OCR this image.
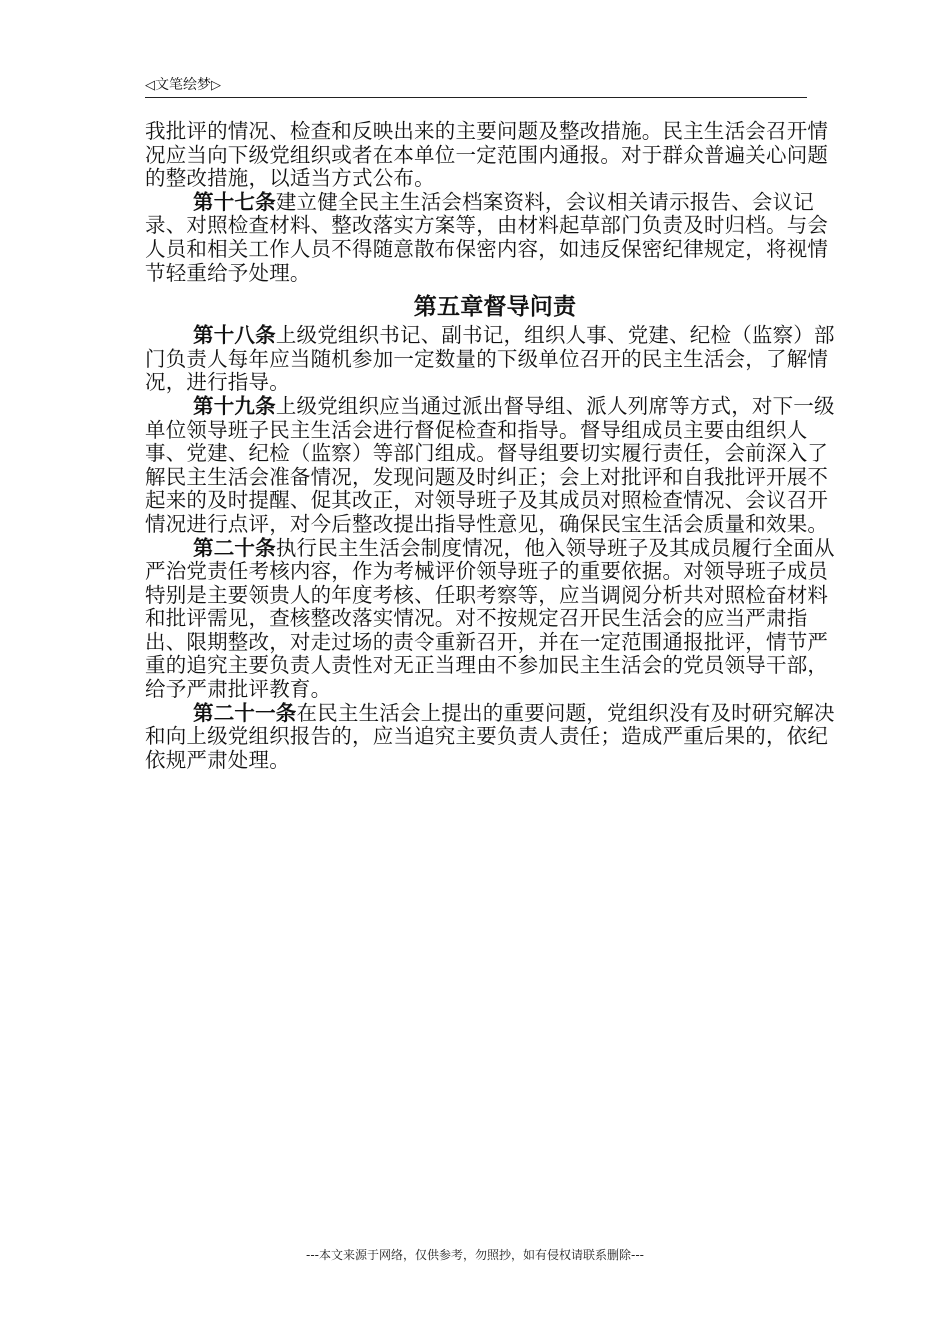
◁文笔绘梦▷

我批评的情况、检查和反映出来的主要问题及整改措施。民主生活会召开情况应当向下级党组织或者在本单位一定范围内通报。对于群众普遍关心问题的整改措施，以适当方式公布。

第十七条建立健全民主生活会档案资料，会议相关请示报告、会议记录、对照检查材料、整改落实方案等，由材料起草部门负责及时归档。与会人员和相关工作人员不得随意散布保密内容，如违反保密纪律规定，将视情节轻重给予处理。

第五章督导问责

第十八条上级党组织书记、副书记，组织人事、党建、纪检（监察）部门负责人每年应当随机参加一定数量的下级单位召开的民主生活会，了解情况，进行指导。

第十九条上级党组织应当通过派出督导组、派人列席等方式，对下一级单位领导班子民主生活会进行督促检查和指导。督导组成员主要由组织人事、党建、纪检（监察）等部门组成。督导组要切实履行责任，会前深入了解民主生活会准备情况，发现问题及时纠正；会上对批评和自我批评开展不起来的及时提醒、促其改正，对领导班子及其成员对照检查情况、会议召开情况进行点评，对今后整改提出指导性意见，确保民宝生活会质量和效果。

第二十条执行民主生活会制度情况，他入领导班子及其成员履行全面从严治党责任考核内容，作为考械评价领导班子的重要依据。对领导班子成员特别是主要领贵人的年度考核、任职考察等，应当调阅分析共对照检奋材料和批评需见，查核整改落实情况。对不按规定召开民生活会的应当严肃指出、限期整改，对走过场的责令重新召开，并在一定范围通报批评，情节严重的追究主要负责人责性对无正当理由不参加民主生活会的党员领导干部，给予严肃批评教育。

第二十一条在民主生活会上提出的重要问题，党组织没有及时研究解决和向上级党组织报告的，应当追究主要负责人责任；造成严重后果的，依纪依规严肃处理。

---本文来源于网络，仅供参考，勿照抄，如有侵权请联系删除---
